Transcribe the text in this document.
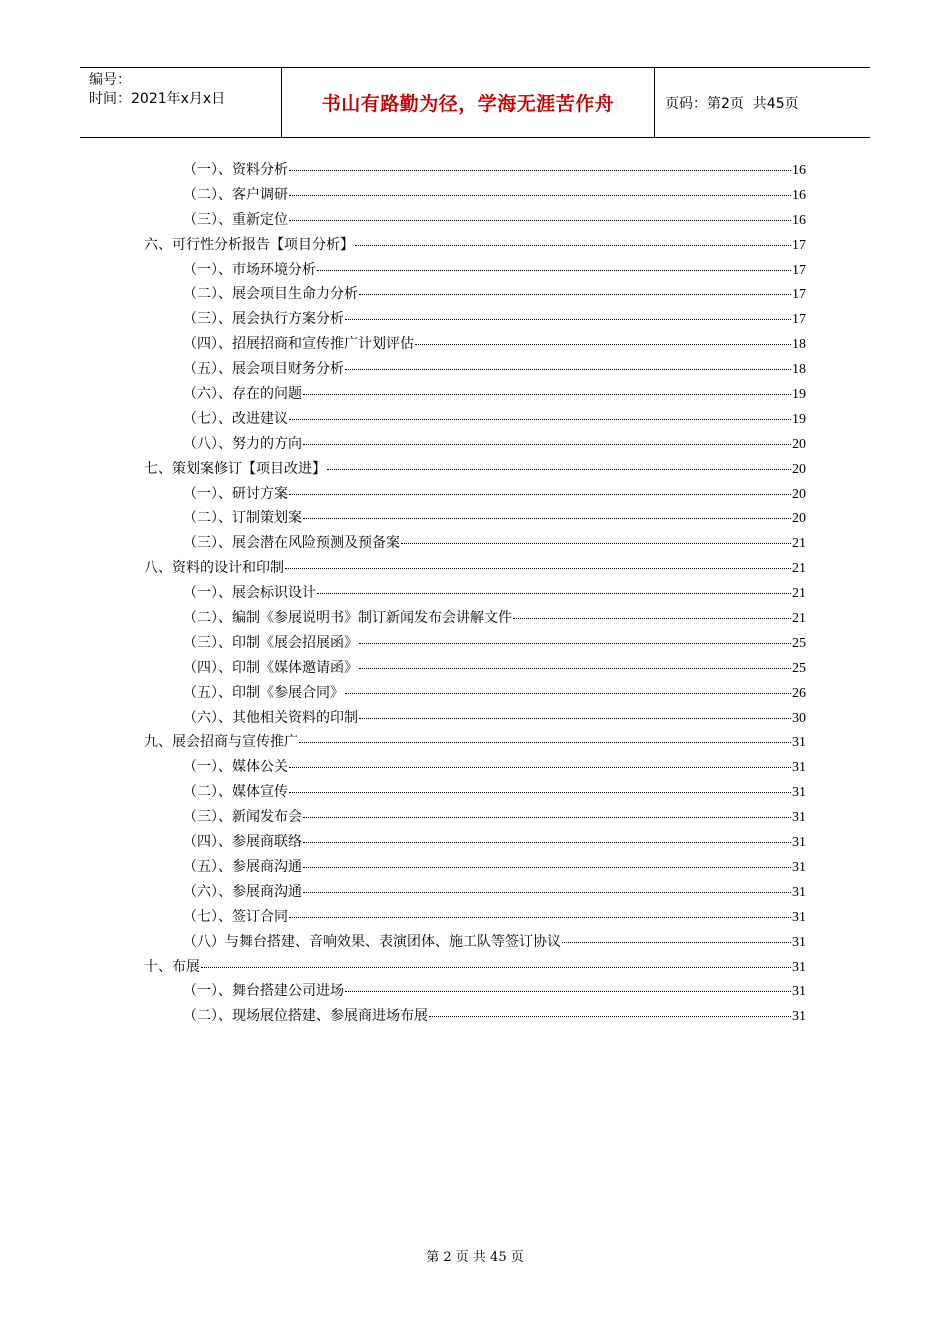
编号：
时间：2021年x月x日	书山有路勤为径，学海无涯苦作舟	页码：第2页  共45页
（一）、资料分析	16
（二）、客户调研	16
（三）、重新定位	16
六、可行性分析报告【项目分析】	17
（一）、市场环境分析	17
（二）、展会项目生命力分析	17
（三）、展会执行方案分析	17
（四）、招展招商和宣传推广计划评估	18
（五）、展会项目财务分析	18
（六）、存在的问题	19
（七）、改进建议	19
（八）、努力的方向	20
七、策划案修订【项目改进】	20
（一）、研讨方案	20
（二）、订制策划案	20
（三）、展会潜在风险预测及预备案	21
八、资料的设计和印制	21
（一）、展会标识设计	21
（二）、编制《参展说明书》制订新闻发布会讲解文件	21
（三）、印制《展会招展函》	25
（四）、印制《媒体邀请函》	25
（五）、印制《参展合同》	26
（六）、其他相关资料的印制	30
九、展会招商与宣传推广	31
（一）、媒体公关	31
（二）、媒体宣传	31
（三）、新闻发布会	31
（四）、参展商联络	31
（五）、参展商沟通	31
（六）、参展商沟通	31
（七）、签订合同	31
（八）与舞台搭建、音响效果、表演团体、施工队等签订协议	31
十、布展	31
（一）、舞台搭建公司进场	31
（二）、现场展位搭建、参展商进场布展	31
第 2 页 共 45 页
